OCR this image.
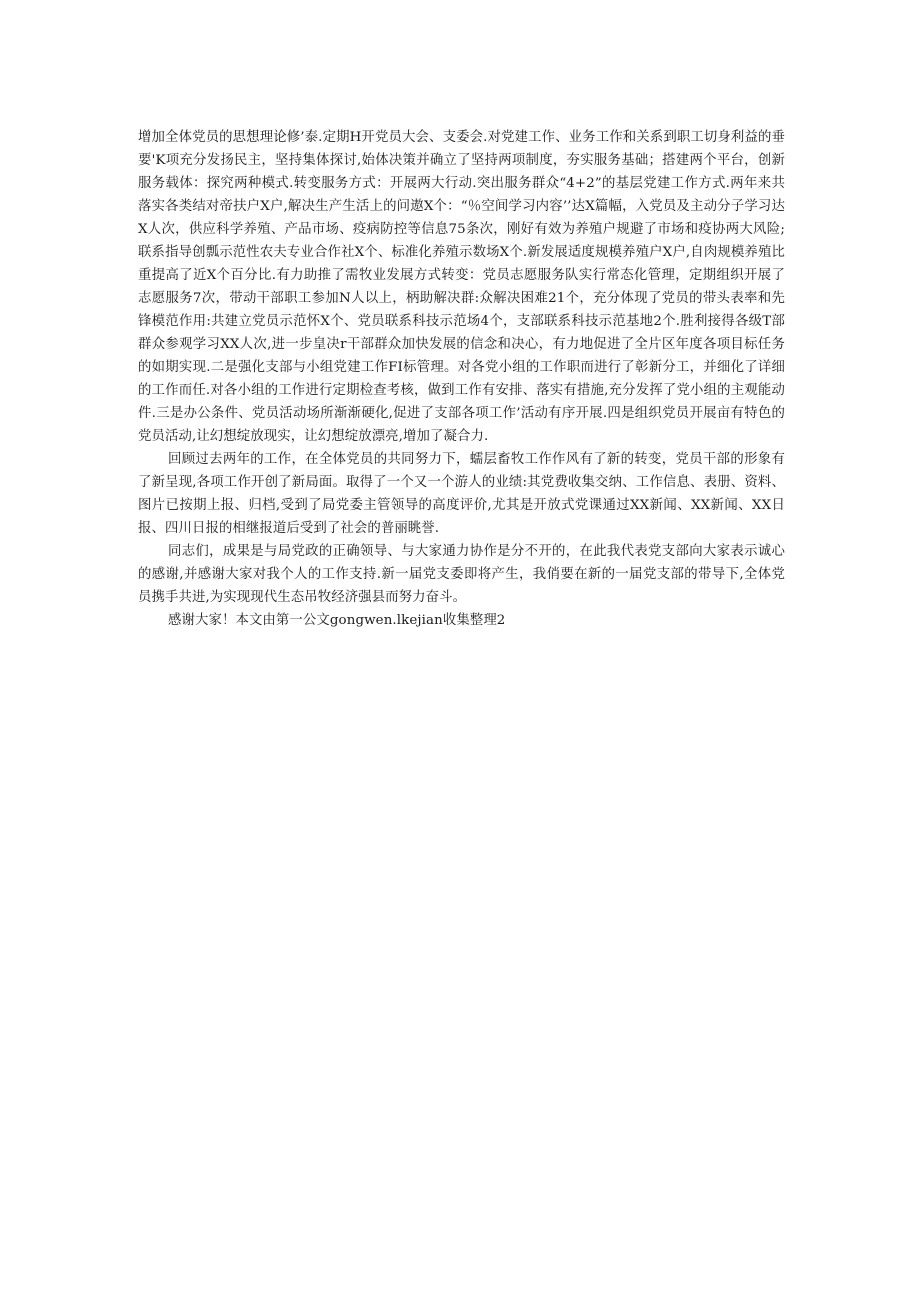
增加全体党员的思想理论修’泰.定期H开党员大会、支委会.对党建工作、业务工作和关系到职工切身利益的垂要'K项充分发扬民主，坚持集体探讨,始体决策并确立了坚持两项制度，夯实服务基础；搭建两个平台，创新服务载体：探究两种模式.转变服务方式：开展两大行动.突出服务群众“4+2”的基层党建工作方式.两年来共落实各类结对帝扶户X户,解决生产生活上的问遨X个：“％空间学习内容’’达X篇幅，入党员及主动分子学习达X人次，供应科学养殖、产品市场、疫病防控等信息75条次，刚好有效为养殖户规避了市场和疫协两大风险;联系指导创瓢示范性农夫专业合作社X个、标准化养殖示数场X个.新发展适度规模养殖户X户,自肉规模养殖比重提高了近X个百分比.有力助推了需牧业发展方式转变：党员志愿服务队实行常态化管理，定期组织开展了志愿服务7次，带动干部职工参加N人以上，柄助解决群:众解决困难21个，充分体现了党员的带头表率和先锋模范作用:共建立党员示范怀X个、党员联系科技示范场4个，支部联系科技示范基地2个.胜利接得各级T部群众参观学习XX人次,进一步皇决r干部群众加快发展的信念和决心，有力地促进了全片区年度各项目标任务的如期实现.二是强化支部与小组党建工作FI标管理。对各党小组的工作职而进行了彰新分工，并细化了详细的工作而任.对各小组的工作进行定期检查考核，做到工作有安排、落实有措施,充分发挥了党小组的主观能动件.三是办公条件、党员活动场所渐渐硬化,促进了支部各项工作’活动有序开展.四是组织党员开展亩有特色的党员活动,让幻想绽放现实，让幻想绽放漂亮,增加了凝合力.

回顾过去两年的工作，在全体党员的共同努力下，蠕层畜牧工作作风有了新的转变，党员干部的形象有了新呈现,各项工作开创了新局面。取得了一个又一个游人的业绩:其党费收集交纳、工作信息、表册、资料、图片已按期上报、归档,受到了局党委主管领导的高度评价,尤其是开放式党课通过XX新闻、XX新闻、XX日报、四川日报的相继报道后受到了社会的普丽眺誉.

同志们，成果是与局党政的正确领导、与大家通力协作是分不开的，在此我代表党支部向大家表示诚心的感谢,并感谢大家对我个人的工作支持.新一届党支委即将产生，我俏要在新的一届党支部的带导下,全体党员携手共进,为实现现代生态吊牧经济强县而努力奋斗。

感谢大家！本文由第一公文gongwen.lkejian收集整理2
